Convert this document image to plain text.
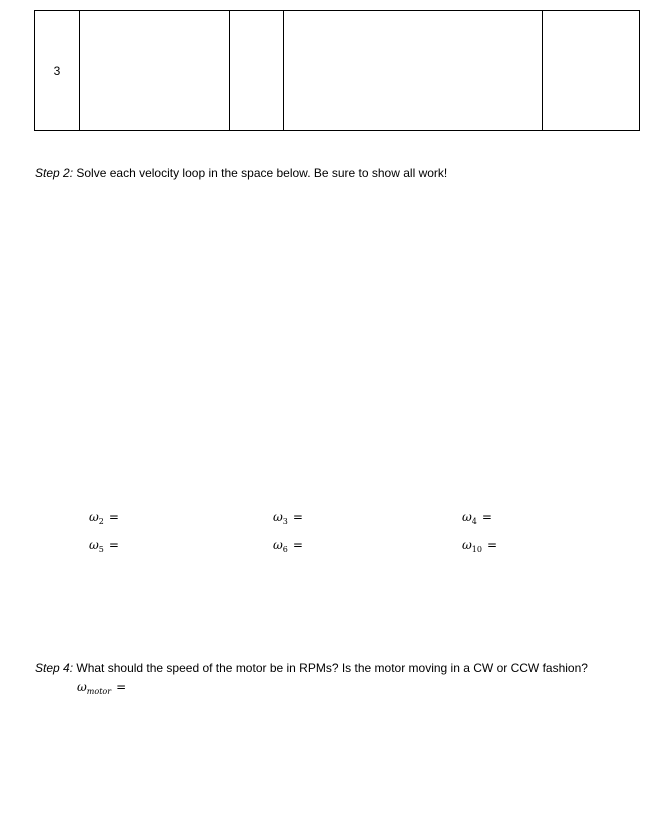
3				
Step 2: Solve each velocity loop in the space below. Be sure to show all work!
$\omega_2$ =	$\omega_3$ =	$\omega_4$ =
$\omega_5$ =	$\omega_6$ =	$\omega_{10}$ =
Step 4: What should the speed of the motor be in RPMs? Is the motor moving in a CW or CCW fashion?
$\omega_{motor}$ =
